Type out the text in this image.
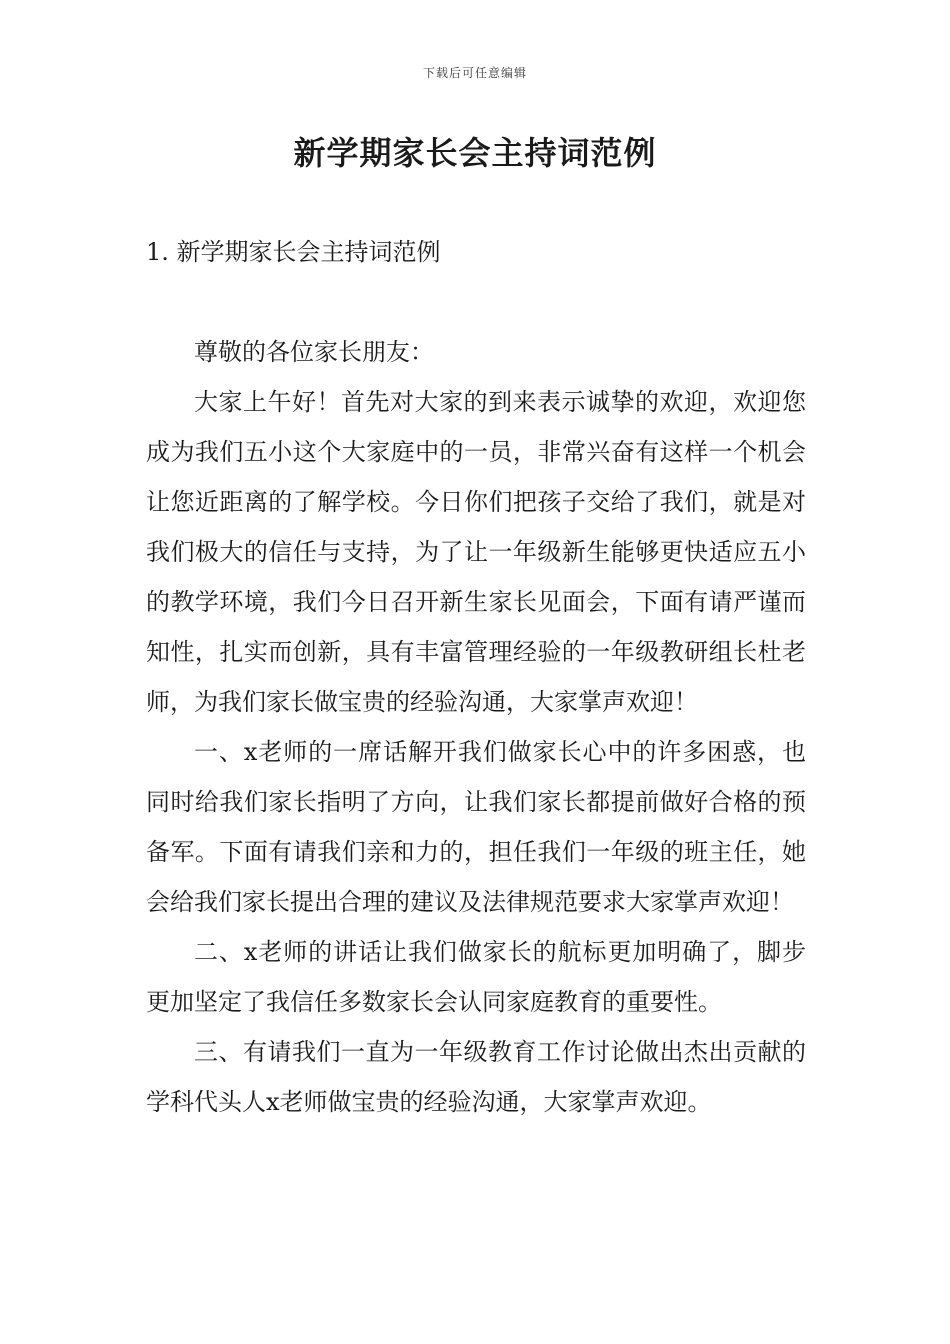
下载后可任意编辑
新学期家长会主持词范例
1. 新学期家长会主持词范例

尊敬的各位家长朋友：

大家上午好！首先对大家的到来表示诚挚的欢迎，欢迎您成为我们五小这个大家庭中的一员，非常兴奋有这样一个机会让您近距离的了解学校。今日你们把孩子交给了我们，就是对我们极大的信任与支持，为了让一年级新生能够更快适应五小的教学环境，我们今日召开新生家长见面会，下面有请严谨而知性，扎实而创新，具有丰富管理经验的一年级教研组长杜老师，为我们家长做宝贵的经验沟通，大家掌声欢迎！

一、x老师的一席话解开我们做家长心中的许多困惑，也同时给我们家长指明了方向，让我们家长都提前做好合格的预备军。下面有请我们亲和力的，担任我们一年级的班主任，她会给我们家长提出合理的建议及法律规范要求大家掌声欢迎！

二、x老师的讲话让我们做家长的航标更加明确了，脚步更加坚定了我信任多数家长会认同家庭教育的重要性。

三、有请我们一直为一年级教育工作讨论做出杰出贡献的学科代头人x老师做宝贵的经验沟通，大家掌声欢迎。
